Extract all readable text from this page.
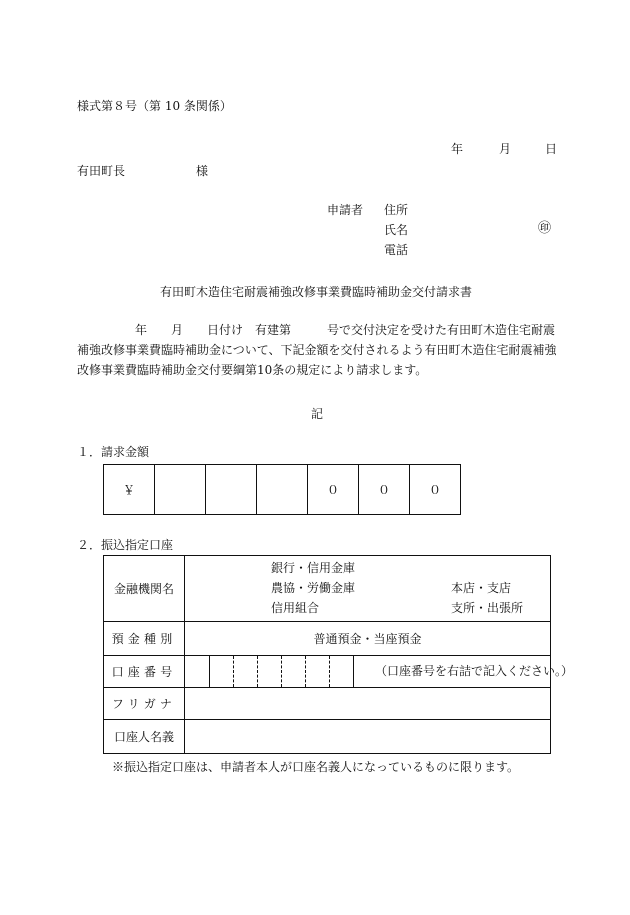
様式第８号（第 10 条関係）
年	月	日
有田町長	様
申請者 住所
氏名	㊞
電話
有田町木造住宅耐震補強改修事業費臨時補助金交付請求書
年　　月　　日付け　有建第　　　号で交付決定を受けた有田町木造住宅耐震
補強改修事業費臨時補助金について、下記金額を交付されるよう有田町木造住宅耐震補強
改修事業費臨時補助金交付要綱第10条の規定により請求します。
記
１．請求金額
￥				０	０	０
２．振込指定口座
金融機関名	銀行・信用金庫
農協・労働金庫
信用組合
本店・支店
支所・出張所

預金種別	普通預金・当座預金
口座番号	（口座番号を右詰で記入ください。）

フリガナ	
口座人名義	
※振込指定口座は、申請者本人が口座名義人になっているものに限ります。
